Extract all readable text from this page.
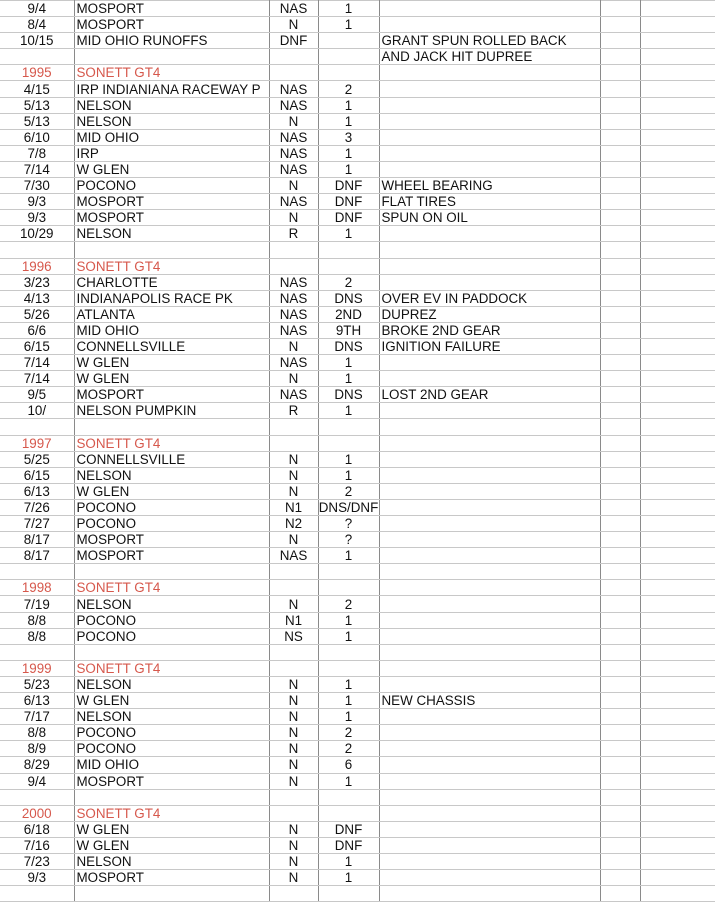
9/4	MOSPORT	NAS	1			
8/4	MOSPORT	N	1			
10/15	MID OHIO RUNOFFS	DNF		GRANT SPUN ROLLED BACK		
				AND JACK HIT DUPREE		
1995	SONETT GT4					
4/15	IRP INDIANIANA RACEWAY P	NAS	2			
5/13	NELSON	NAS	1			
5/13	NELSON	N	1			
6/10	MID OHIO	NAS	3			
7/8	IRP	NAS	1			
7/14	W GLEN	NAS	1			
7/30	POCONO	N	DNF	WHEEL BEARING		
9/3	MOSPORT	NAS	DNF	FLAT TIRES		
9/3	MOSPORT	N	DNF	SPUN ON OIL		
10/29	NELSON	R	1			

1996	SONETT GT4					
3/23	CHARLOTTE	NAS	2			
4/13	INDIANAPOLIS RACE PK	NAS	DNS	OVER EV IN PADDOCK		
5/26	ATLANTA	NAS	2ND	DUPREZ		
6/6	MID OHIO	NAS	9TH	BROKE 2ND GEAR		
6/15	CONNELLSVILLE	N	DNS	IGNITION FAILURE		
7/14	W GLEN	NAS	1			
7/14	W GLEN	N	1			
9/5	MOSPORT	NAS	DNS	LOST 2ND GEAR		
10/	NELSON PUMPKIN	R	1			

1997	SONETT GT4					
5/25	CONNELLSVILLE	N	1			
6/15	NELSON	N	1			
6/13	W GLEN	N	2			
7/26	POCONO	N1	DNS/DNF			
7/27	POCONO	N2	?			
8/17	MOSPORT	N	?			
8/17	MOSPORT	NAS	1			

1998	SONETT GT4					
7/19	NELSON	N	2			
8/8	POCONO	N1	1			
8/8	POCONO	NS	1			

1999	SONETT GT4					
5/23	NELSON	N	1			
6/13	W GLEN	N	1	NEW CHASSIS		
7/17	NELSON	N	1			
8/8	POCONO	N	2			
8/9	POCONO	N	2			
8/29	MID OHIO	N	6			
9/4	MOSPORT	N	1			

2000	SONETT GT4					
6/18	W GLEN	N	DNF			
7/16	W GLEN	N	DNF			
7/23	NELSON	N	1			
9/3	MOSPORT	N	1			
